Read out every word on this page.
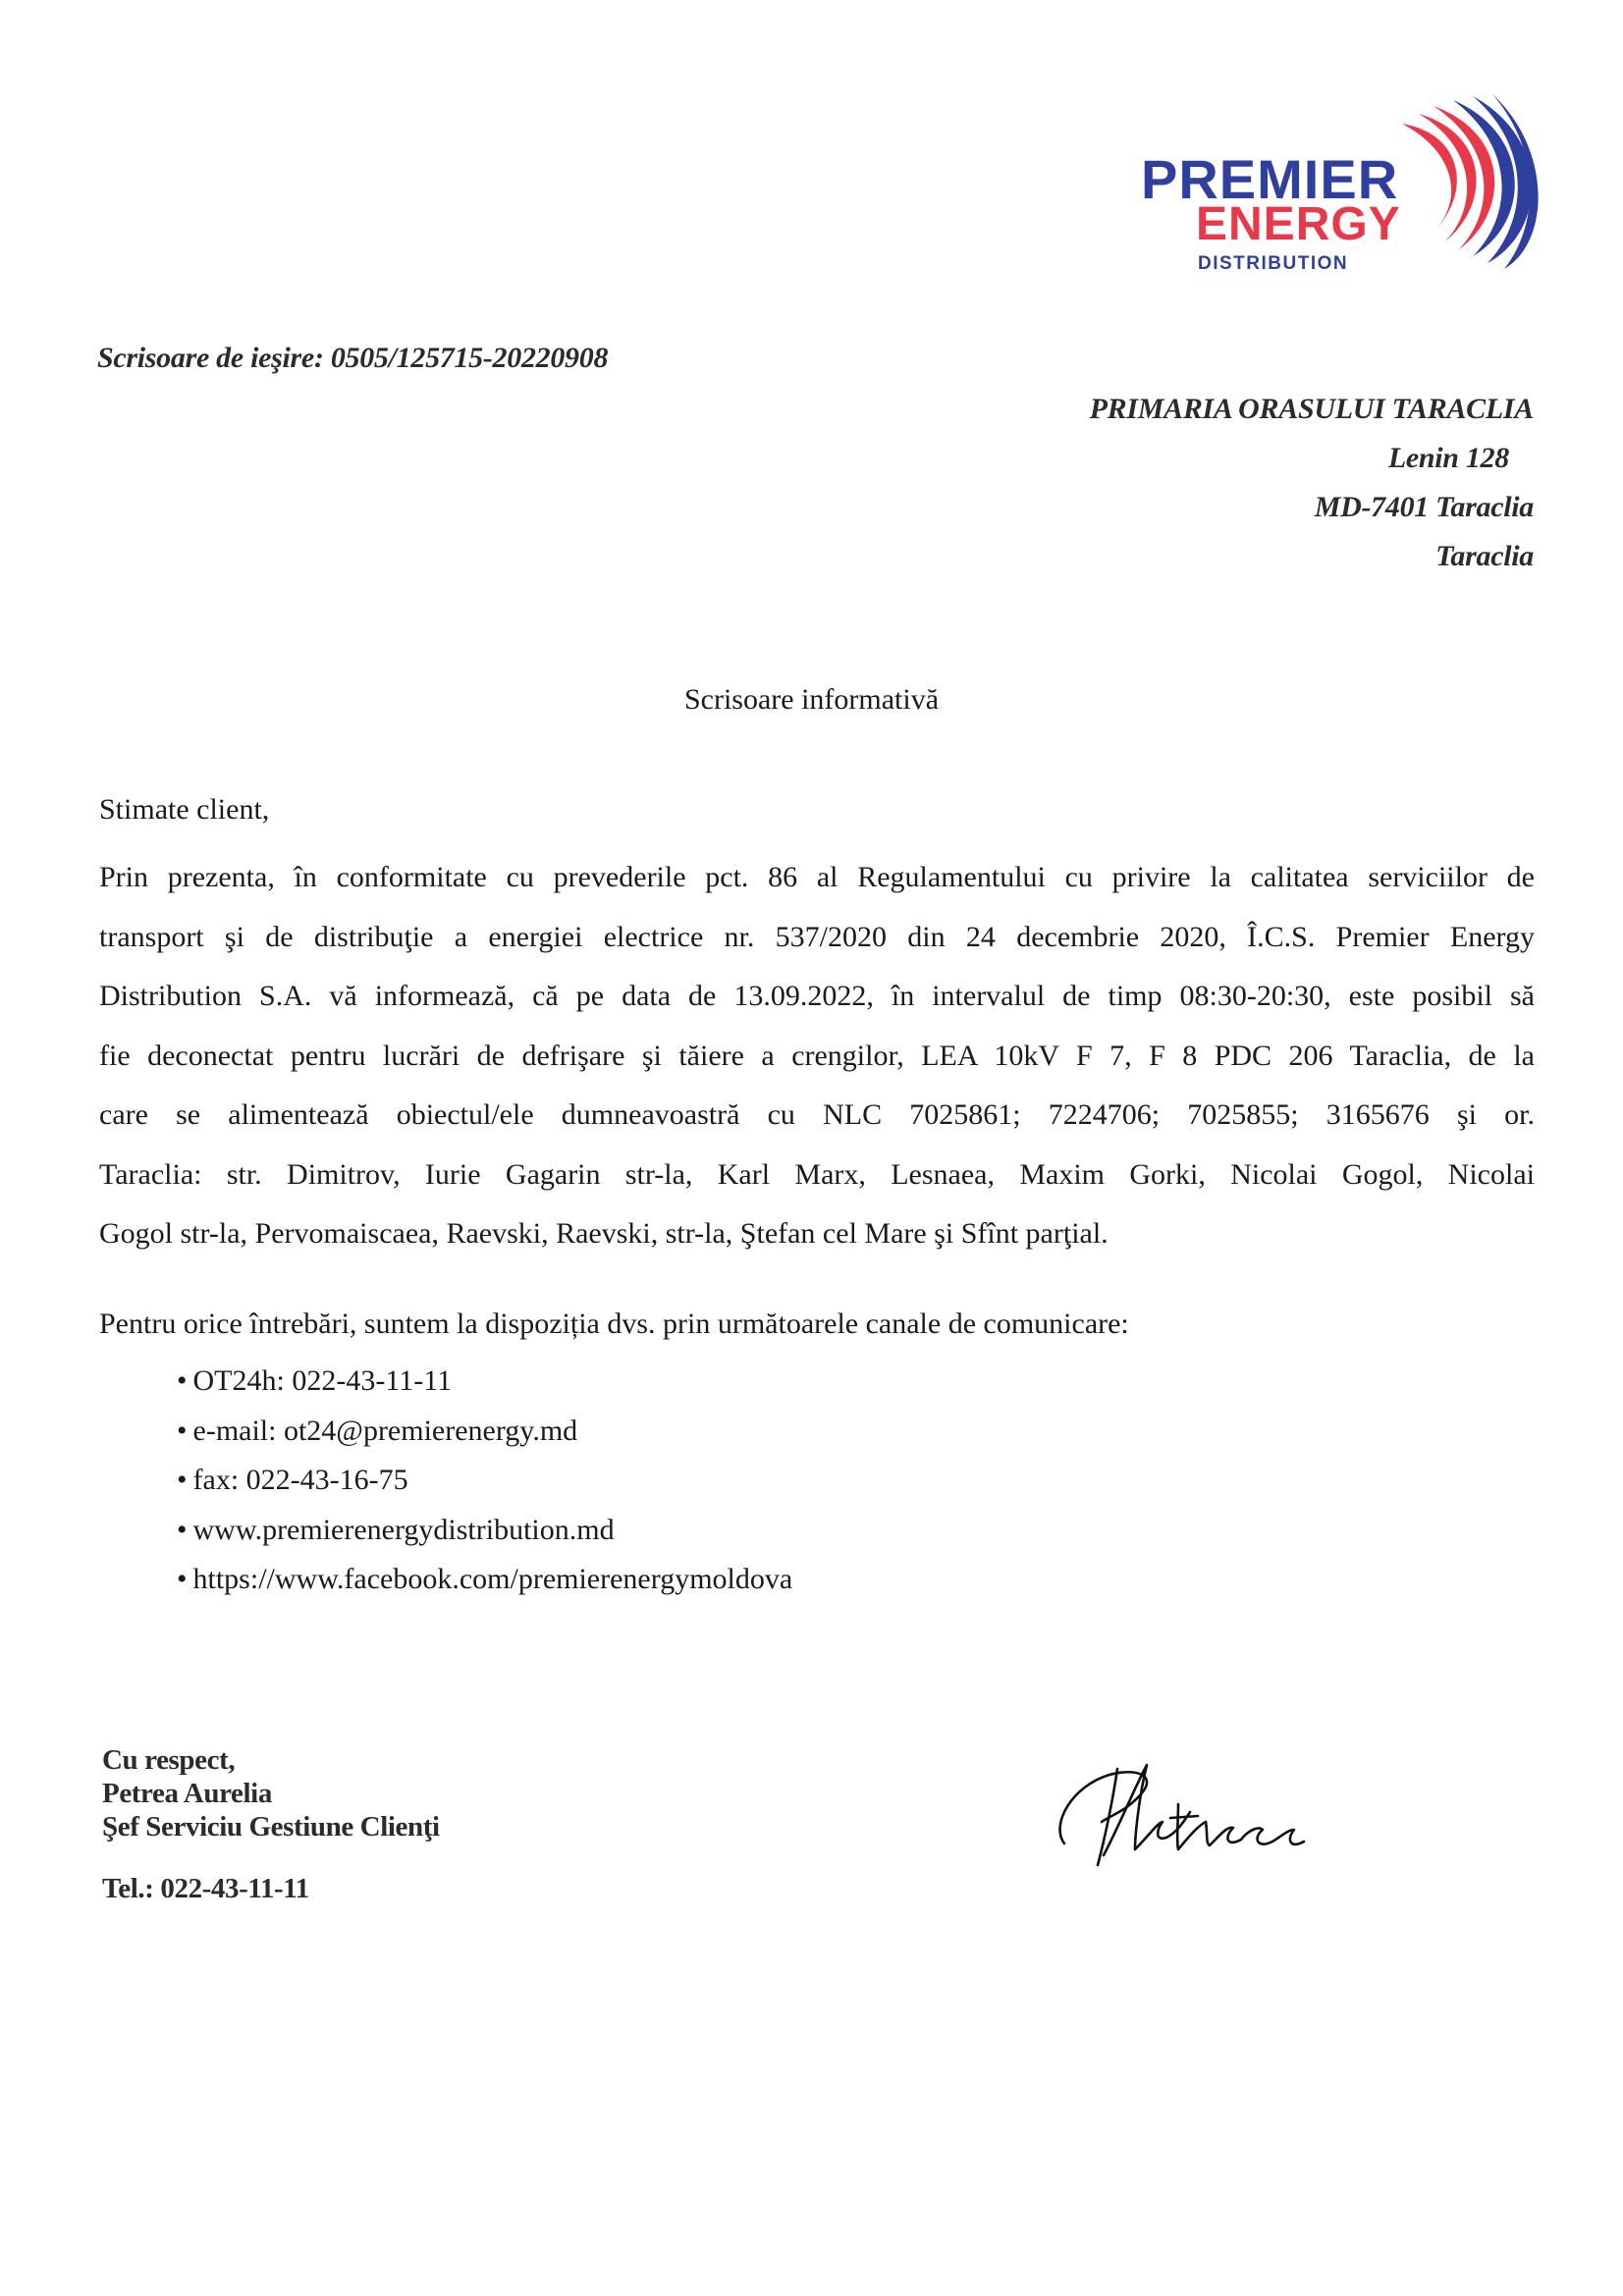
PREMIER
ENERGY
DISTRIBUTION
Scrisoare de ieşire: 0505/125715-20220908
PRIMARIA ORASULUI TARACLIA
Lenin 128
MD-7401 Taraclia
Taraclia
Scrisoare informativă
Stimate client,
Prin prezenta, în conformitate cu prevederile pct. 86 al Regulamentului cu privire la calitatea serviciilor de
transport şi de distribuţie a energiei electrice nr. 537/2020 din 24 decembrie 2020, Î.C.S. Premier Energy
Distribution S.A. vă informează, că pe data de 13.09.2022, în intervalul de timp 08:30-20:30, este posibil să
fie deconectat pentru lucrări de defrişare şi tăiere a crengilor, LEA 10kV F 7, F 8 PDC 206 Taraclia, de la
care se alimentează obiectul/ele dumneavoastră cu NLC 7025861; 7224706; 7025855; 3165676 şi or.
Taraclia: str. Dimitrov, Iurie Gagarin str-la, Karl Marx, Lesnaea, Maxim Gorki, Nicolai Gogol, Nicolai
Gogol str-la, Pervomaiscaea, Raevski, Raevski, str-la, Ştefan cel Mare şi Sfînt parţial.
Pentru orice întrebări, suntem la dispoziția dvs. prin următoarele canale de comunicare:
• OT24h: 022-43-11-11
• e-mail: ot24@premierenergy.md
• fax: 022-43-16-75
• www.premierenergydistribution.md
• https://www.facebook.com/premierenergymoldova
Cu respect,
Petrea Aurelia
Şef Serviciu Gestiune Clienţi
Tel.: 022-43-11-11
